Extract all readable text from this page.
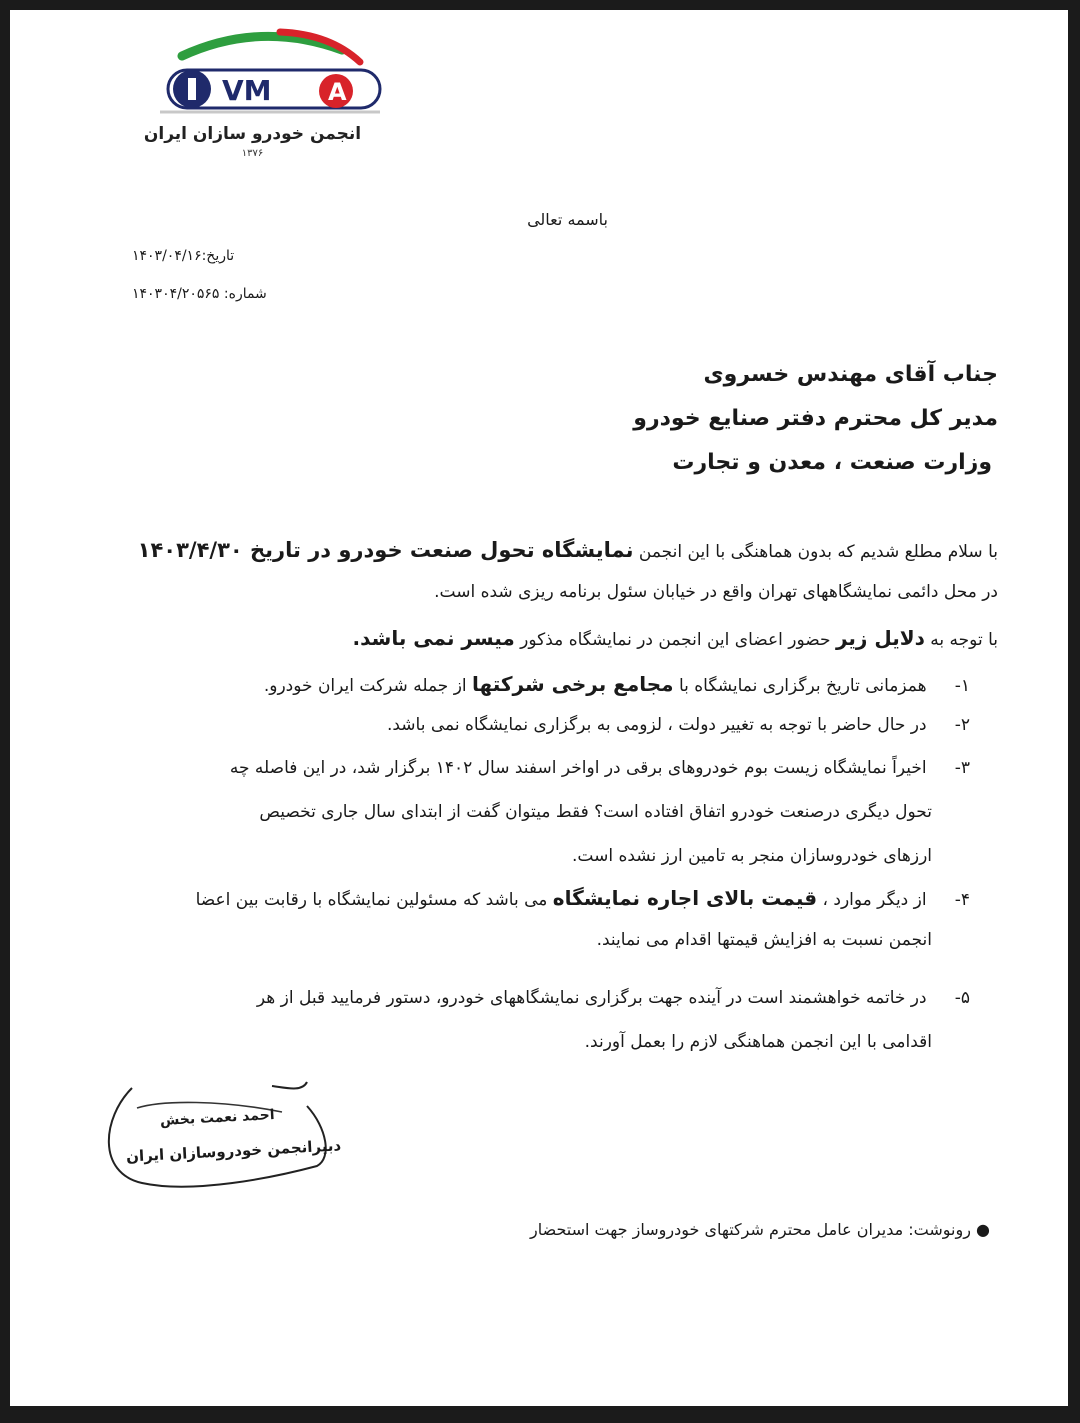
VM A
انجمن خودرو سازان ایران
۱۳۷۶
باسمه تعالی
تاریخ:۱۴۰۳/۰۴/۱۶
شماره: ۱۴۰۳۰۴/۲۰۵۶۵
جناب آقای مهندس خسروی
مدیر کل محترم دفتر صنایع خودرو
وزارت صنعت ، معدن و تجارت
با سلام مطلع شدیم که بدون هماهنگی با این انجمن نمایشگاه تحول صنعت خودرو در تاریخ ۱۴۰۳/۴/۳۰
در محل دائمی نمایشگاههای تهران واقع در خیابان سئول برنامه ریزی شده است.
با توجه به دلایل زیر حضور اعضای این انجمن در نمایشگاه مذکور میسر نمی باشد.
۱- همزمانی تاریخ برگزاری نمایشگاه با مجامع برخی شرکتها از جمله شرکت ایران خودرو.
۲- در حال حاضر با توجه به تغییر دولت ، لزومی به برگزاری نمایشگاه نمی باشد.
۳- اخیراً نمایشگاه زیست بوم خودروهای برقی در اواخر اسفند سال ۱۴۰۲ برگزار شد، در این فاصله چه
تحول دیگری درصنعت خودرو اتفاق افتاده است؟ فقط میتوان گفت از ابتدای سال جاری تخصیص
ارزهای خودروسازان منجر به تامین ارز نشده است.
۴- از دیگر موارد ، قیمت بالای اجاره نمایشگاه می باشد که مسئولین نمایشگاه با رقابت بین اعضا
انجمن نسبت به افزایش قیمتها اقدام می نمایند.
۵- در خاتمه خواهشمند است در آینده جهت برگزاری نمایشگاههای خودرو، دستور فرمایید قبل از هر
اقدامی با این انجمن هماهنگی لازم را بعمل آورند.
احمد نعمت بخش
دبیرانجمن خودروسازان ایران
● رونوشت: مدیران عامل محترم شرکتهای خودروساز جهت استحضار
